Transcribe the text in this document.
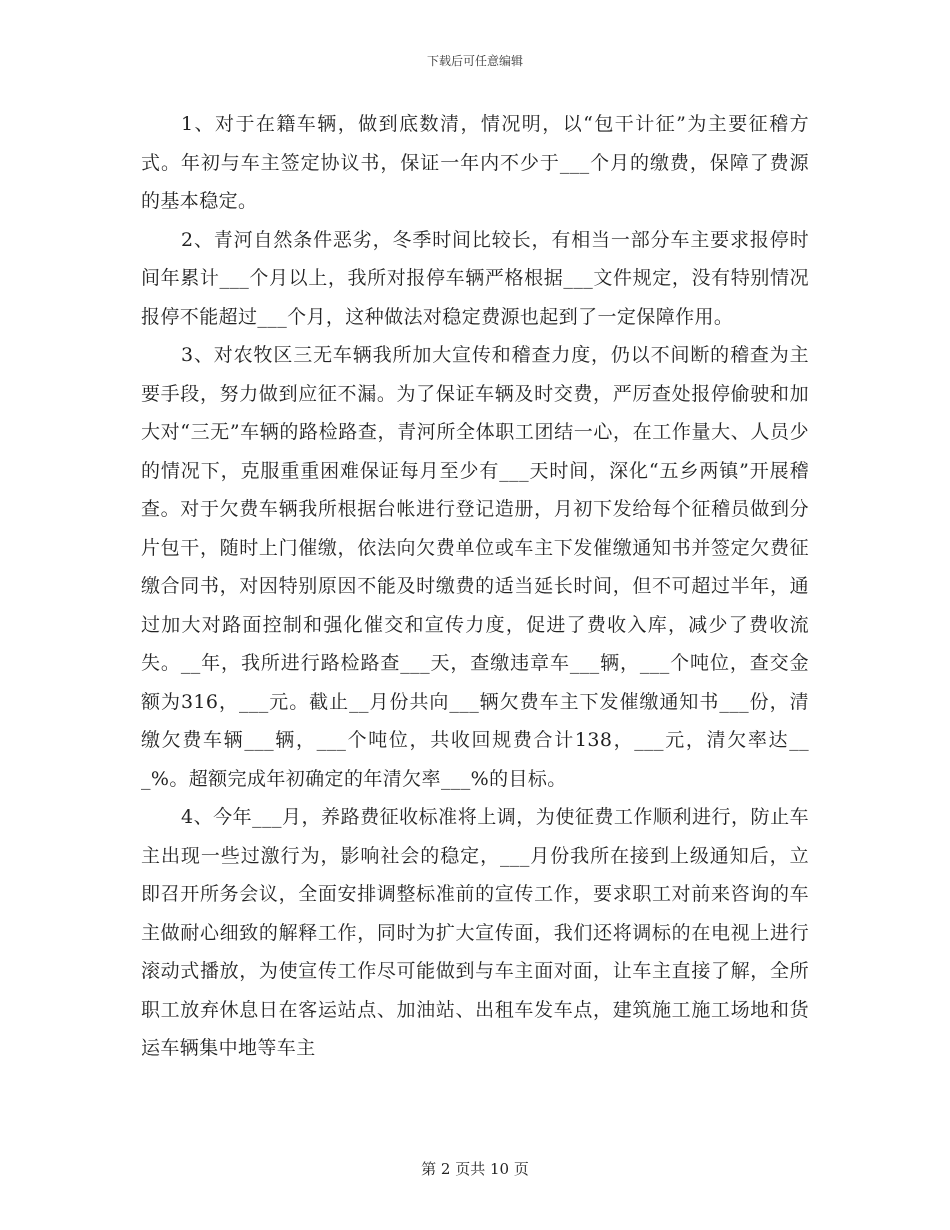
下载后可任意编辑

1、对于在籍车辆，做到底数清，情况明，以“包干计征”为主要征稽方式。年初与车主签定协议书，保证一年内不少于___个月的缴费，保障了费源的基本稳定。

2、青河自然条件恶劣，冬季时间比较长，有相当一部分车主要求报停时间年累计___个月以上，我所对报停车辆严格根据___文件规定，没有特别情况报停不能超过___个月，这种做法对稳定费源也起到了一定保障作用。

3、对农牧区三无车辆我所加大宣传和稽查力度，仍以不间断的稽查为主要手段，努力做到应征不漏。为了保证车辆及时交费，严厉查处报停偷驶和加大对“三无”车辆的路检路查，青河所全体职工团结一心，在工作量大、人员少的情况下，克服重重困难保证每月至少有___天时间，深化“五乡两镇”开展稽查。对于欠费车辆我所根据台帐进行登记造册，月初下发给每个征稽员做到分片包干，随时上门催缴，依法向欠费单位或车主下发催缴通知书并签定欠费征缴合同书，对因特别原因不能及时缴费的适当延长时间，但不可超过半年，通过加大对路面控制和强化催交和宣传力度，促进了费收入库，减少了费收流失。__年，我所进行路检路查___天，查缴违章车___辆，___个吨位，查交金额为316，___元。截止__月份共向___辆欠费车主下发催缴通知书___份，清缴欠费车辆___辆，___个吨位，共收回规费合计138，___元，清欠率达___%。超额完成年初确定的年清欠率___%的目标。

4、今年___月，养路费征收标准将上调，为使征费工作顺利进行，防止车主出现一些过激行为，影响社会的稳定，___月份我所在接到上级通知后，立即召开所务会议，全面安排调整标准前的宣传工作，要求职工对前来咨询的车主做耐心细致的解释工作，同时为扩大宣传面，我们还将调标的在电视上进行滚动式播放，为使宣传工作尽可能做到与车主面对面，让车主直接了解，全所职工放弃休息日在客运站点、加油站、出租车发车点，建筑施工施工场地和货运车辆集中地等车主

第 2 页共 10 页
